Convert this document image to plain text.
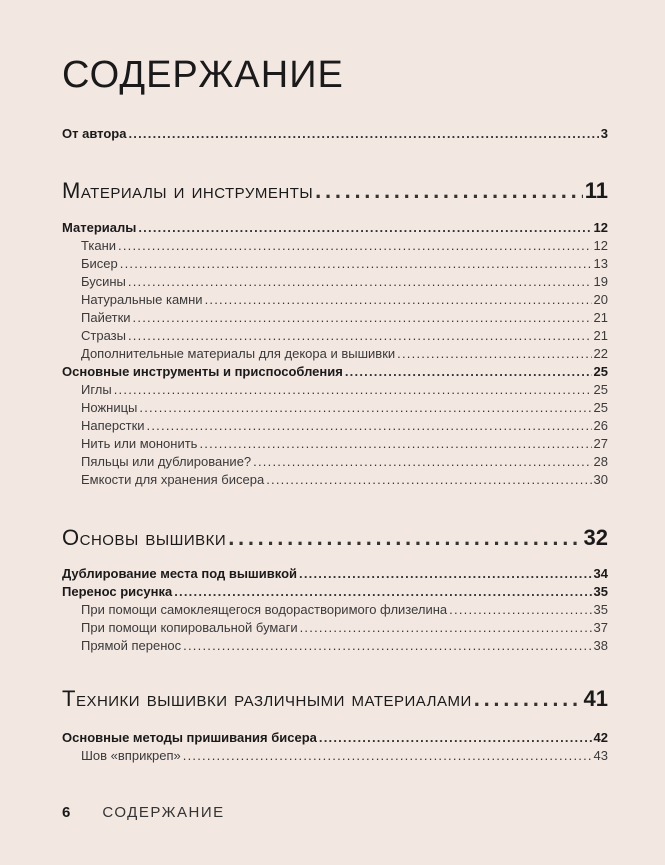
СОДЕРЖАНИЕ
От автора . . .	3
Материалы и инструменты . . .	11
Материалы . . .	12
Ткани . . .	12
Бисер . . .	13
Бусины . . .	19
Натуральные камни . . .	20
Пайетки . . .	21
Стразы . . .	21
Дополнительные материалы для декора и вышивки . . .	22
Основные инструменты и приспособления . . .	25
Иглы . . .	25
Ножницы . . .	25
Наперстки . . .	26
Нить или мононить . . .	27
Пяльцы или дублирование? . . .	28
Емкости для хранения бисера . . .	30
Основы вышивки . . .	32
Дублирование места под вышивкой . . .	34
Перенос рисунка . . .	35
При помощи самоклеящегося водорастворимого флизелина . . .	35
При помощи копировальной бумаги . . .	37
Прямой перенос . . .	38
Техники вышивки различными материалами . . .	41
Основные методы пришивания бисера . . .	42
Шов «вприкреп» . . .	43
6 СОДЕРЖАНИЕ
